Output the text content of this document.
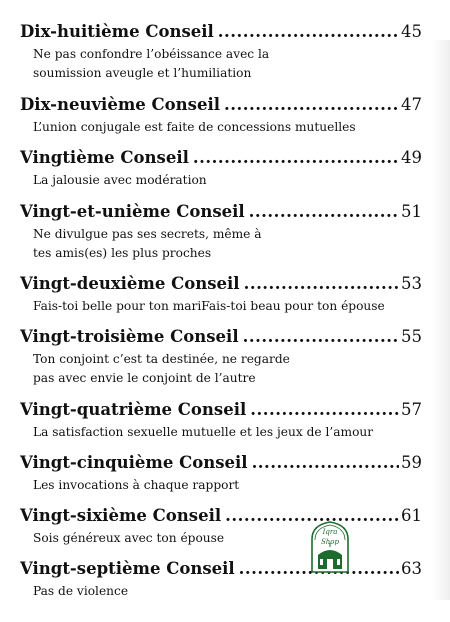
Dix-huitième Conseil .....	45
Ne pas confondre l’obéissance avec la
soumission aveugle et l’humiliation
Dix-neuvième Conseil .....	47
L’union conjugale est faite de concessions mutuelles
Vingtième Conseil .....	49
La jalousie avec modération
Vingt-et-unième Conseil .....	51
Ne divulgue pas ses secrets, même à
tes amis(es) les plus proches
Vingt-deuxième Conseil .....	53
Fais-toi belle pour ton mariFais-toi beau pour ton épouse
Vingt-troisième Conseil .....	55
Ton conjoint c’est ta destinée, ne regarde
pas avec envie le conjoint de l’autre
Vingt-quatrième Conseil .....	57
La satisfaction sexuelle mutuelle et les jeux de l’amour
Vingt-cinquième Conseil .....	59
Les invocations à chaque rapport
Vingt-sixième Conseil .....	61
Sois généreux avec ton épouse
Vingt-septième Conseil .....	63
Pas de violence
Iqra
Shop
